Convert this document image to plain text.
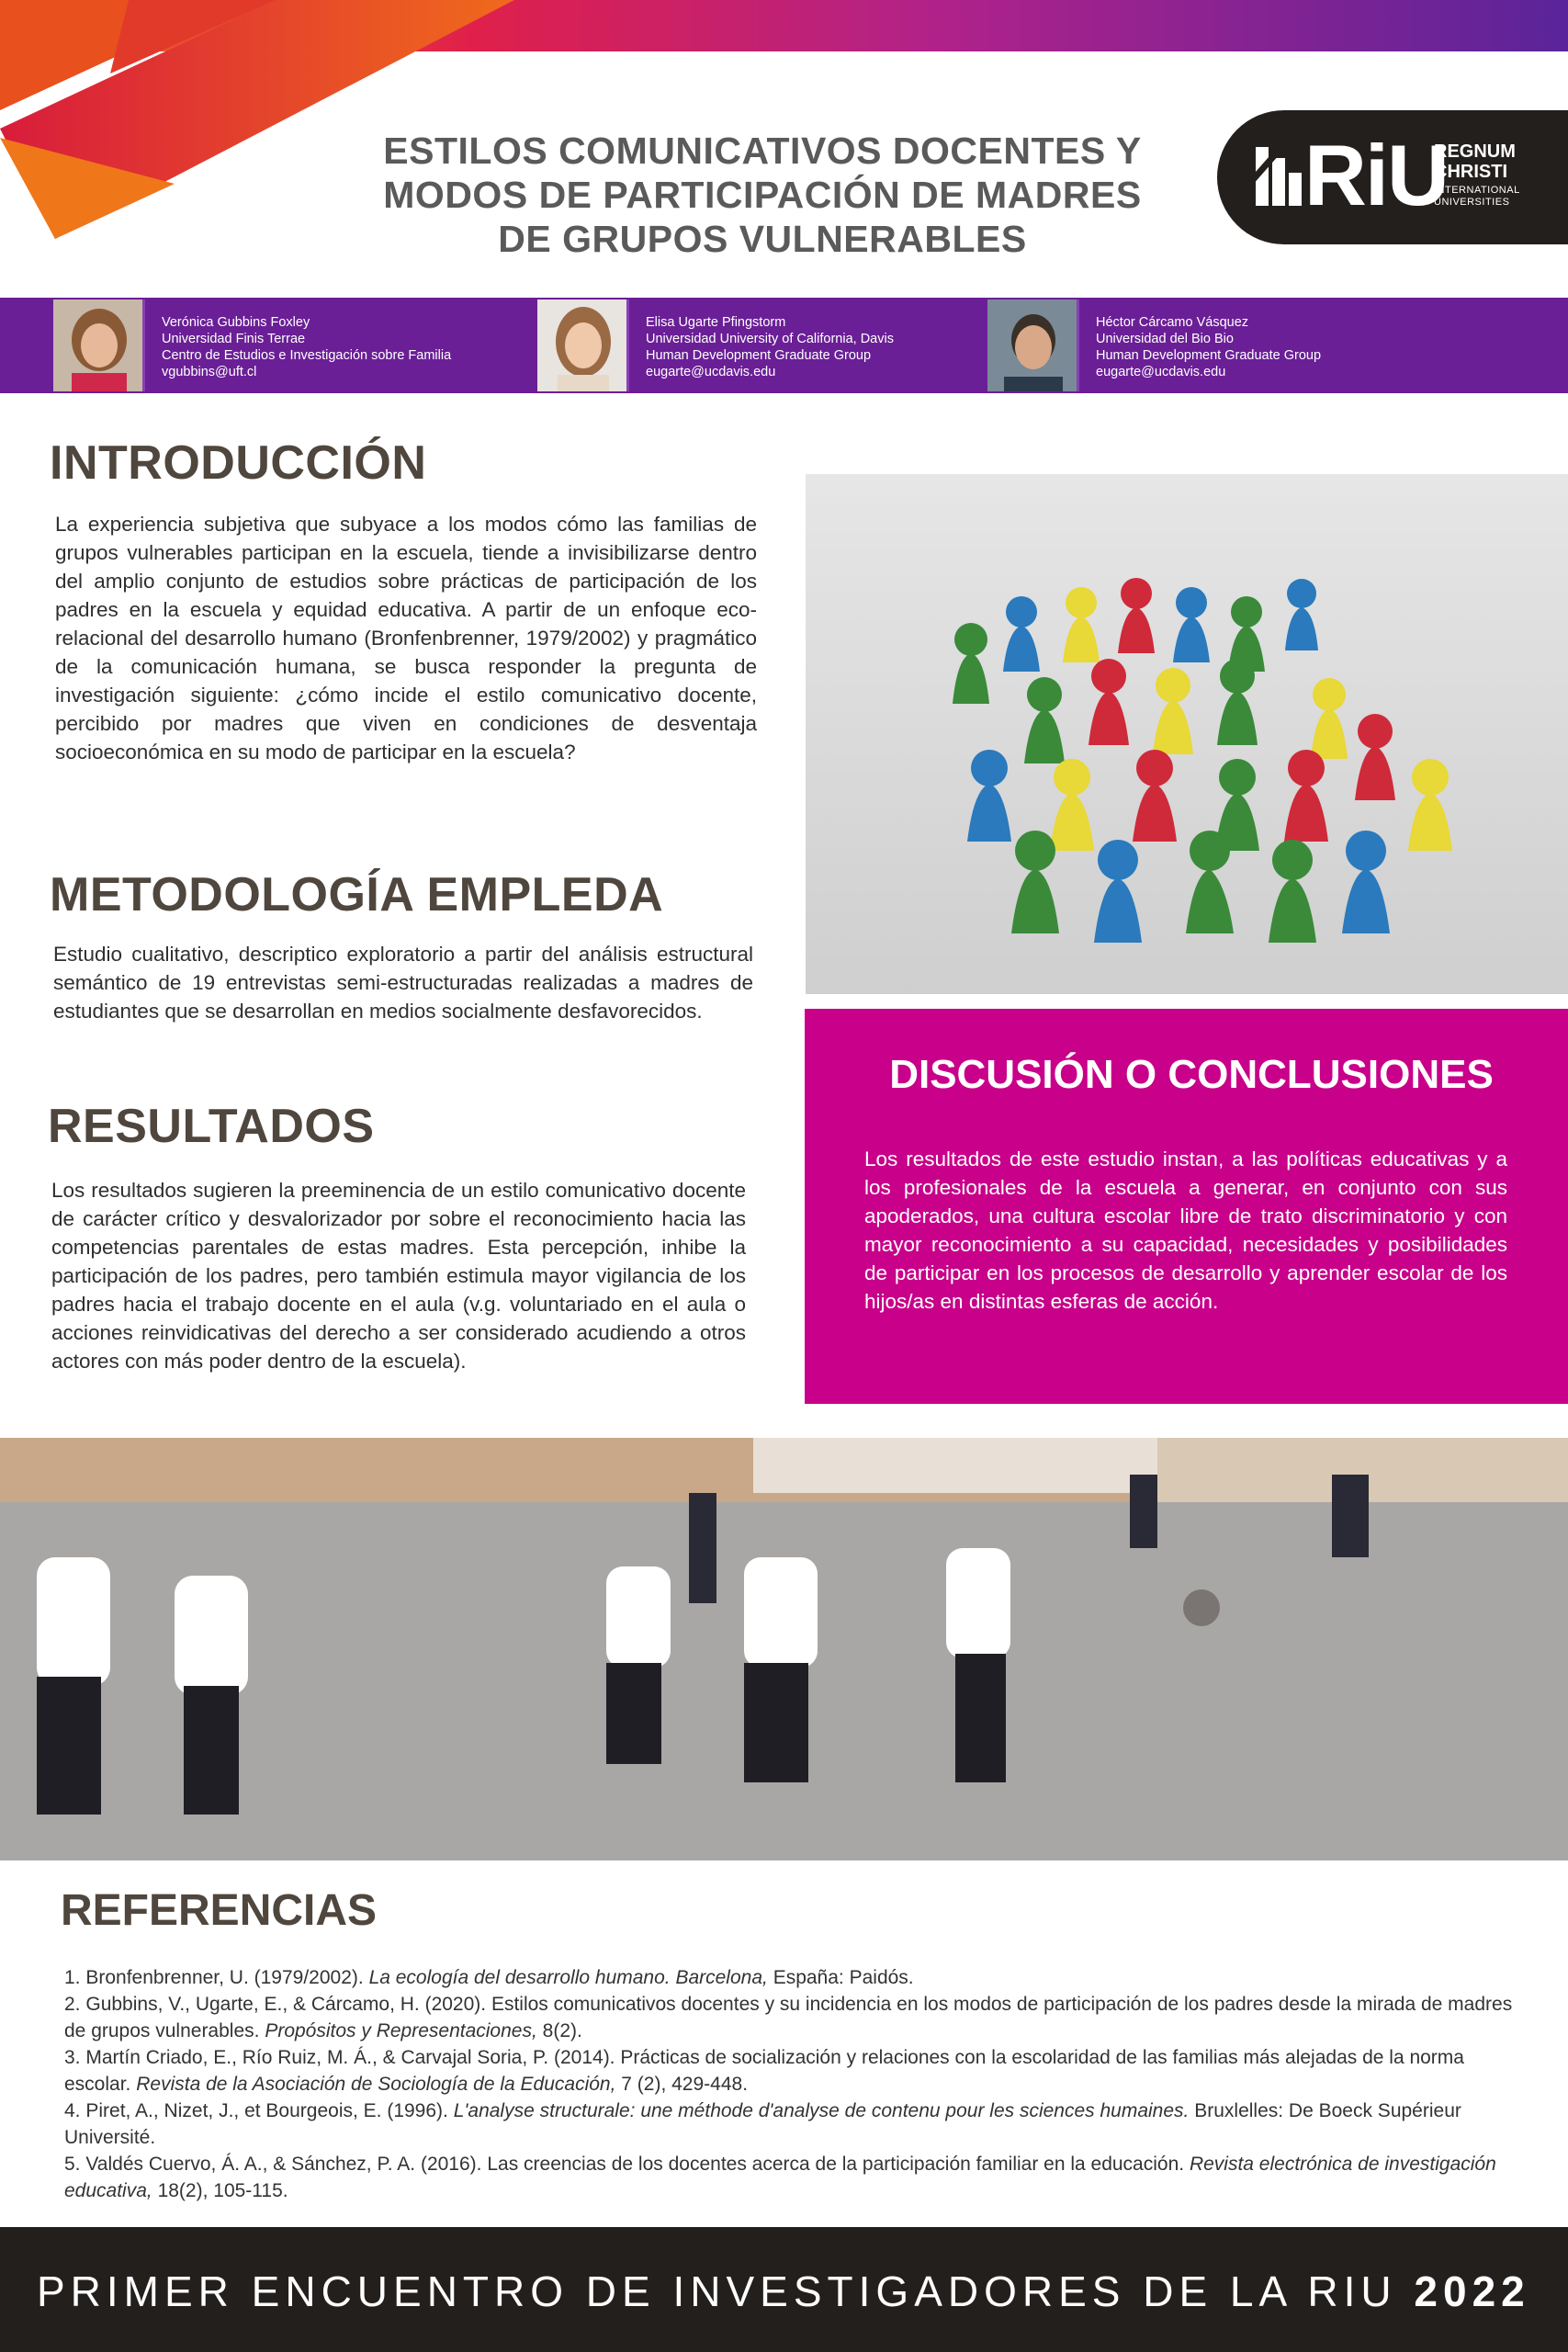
ESTILOS COMUNICATIVOS DOCENTES Y
MODOS DE PARTICIPACIÓN DE MADRES
DE GRUPOS VULNERABLES
RiU
REGNUM
CHRISTI
INTERNATIONAL
UNIVERSITIES
Verónica Gubbins Foxley
Universidad Finis Terrae
Centro de Estudios e Investigación sobre Familia
vgubbins@uft.cl
Elisa Ugarte Pfingstorm
Universidad University of California, Davis
Human Development Graduate Group
eugarte@ucdavis.edu
Héctor Cárcamo Vásquez
Universidad del Bio Bio
Human Development Graduate Group
eugarte@ucdavis.edu
INTRODUCCIÓN
La experiencia subjetiva que subyace a los modos cómo las familias de grupos vulnerables participan en la escuela, tiende a invisibilizarse dentro del amplio conjunto de estudios sobre prácticas de participación de los padres en la escuela y equidad educativa. A partir de un enfoque eco-relacional del desarrollo humano (Bronfenbrenner, 1979/2002) y pragmático de la comunicación humana, se busca responder la pregunta de investigación siguiente: ¿cómo incide el estilo comunicativo docente, percibido por madres que viven en condiciones de desventaja socioeconómica en su modo de participar en la escuela?
METODOLOGÍA EMPLEDA
Estudio cualitativo, descriptico exploratorio a partir del análisis estructural semántico de 19 entrevistas semi-estructuradas realizadas a madres de estudiantes que se desarrollan en medios socialmente desfavorecidos.
RESULTADOS
Los resultados sugieren la preeminencia de un estilo comunicativo docente de carácter crítico y desvalorizador por sobre el reconocimiento hacia las competencias parentales de estas madres. Esta percepción, inhibe la participación de los padres, pero también estimula mayor vigilancia de los padres hacia el trabajo docente en el aula (v.g. voluntariado en el aula o acciones reinvidicativas del derecho a ser considerado acudiendo a otros actores con más poder dentro de la escuela).
DISCUSIÓN O CONCLUSIONES
Los resultados de este estudio instan, a las políticas educativas y a los profesionales de la escuela a generar, en conjunto con sus apoderados, una cultura escolar libre de trato discriminatorio y con mayor reconocimiento a su capacidad, necesidades y posibilidades de participar en los procesos de desarrollo y aprender escolar de los hijos/as en distintas esferas de acción.
REFERENCIAS

1. Bronfenbrenner, U. (1979/2002). La ecología del desarrollo humano. Barcelona, España: Paidós.

2. Gubbins, V., Ugarte, E., & Cárcamo, H. (2020). Estilos comunicativos docentes y su incidencia en los modos de participación de los padres desde la mirada de madres de grupos vulnerables. Propósitos y Representaciones, 8(2).

3. Martín Criado, E., Río Ruiz, M. Á., & Carvajal Soria, P. (2014). Prácticas de socialización y relaciones con la escolaridad de las familias más alejadas de la norma escolar. Revista de la Asociación de Sociología de la Educación, 7 (2), 429-448.

4. Piret, A., Nizet, J., et Bourgeois, E. (1996). L'analyse structurale: une méthode d'analyse de contenu pour les sciences humaines. Bruxlelles: De Boeck Supérieur Université.

5. Valdés Cuervo, Á. A., & Sánchez, P. A. (2016). Las creencias de los docentes acerca de la participación familiar en la educación. Revista electrónica de investigación educativa, 18(2), 105-115.

PRIMER ENCUENTRO DE INVESTIGADORES DE LA RIU 2022
